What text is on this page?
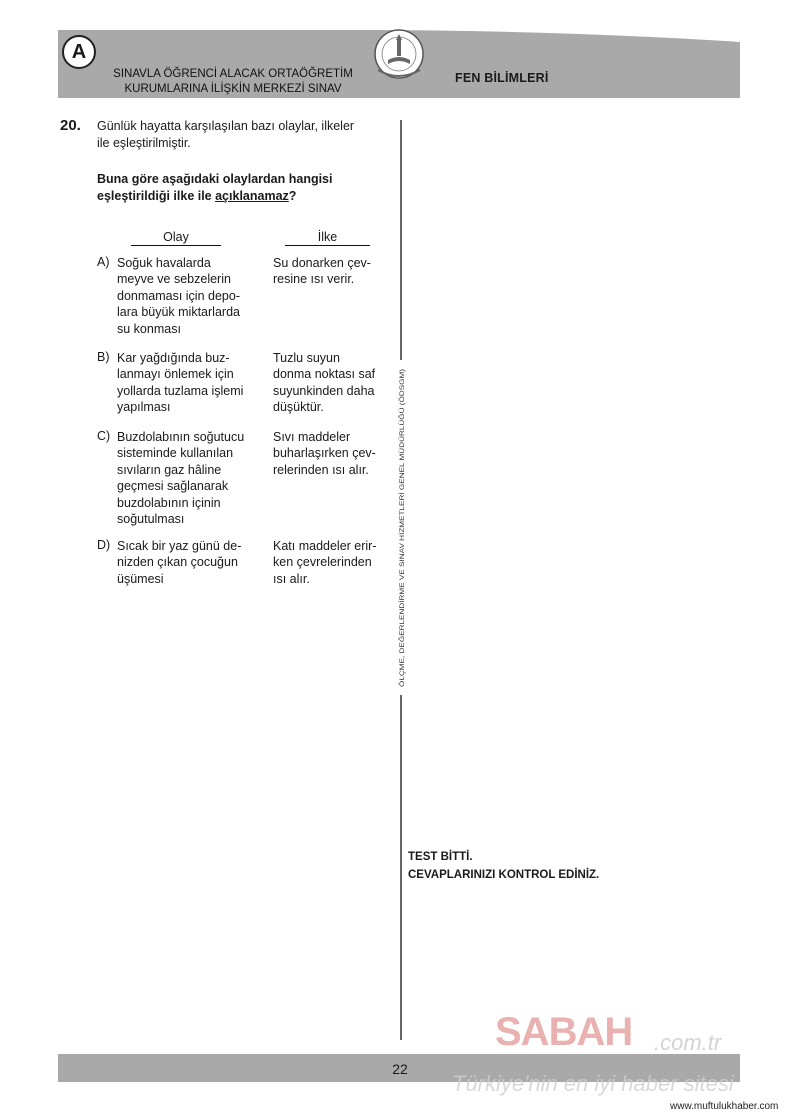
A
SINAVLA ÖĞRENCİ ALACAK ORTAÖĞRETİM
KURUMLARINA İLİŞKİN MERKEZİ SINAV
FEN BİLİMLERİ
20. Günlük hayatta karşılaşılan bazı olaylar, ilkeler
ile eşleştirilmiştir.
Buna göre aşağıdaki olaylardan hangisi
eşleştirildiği ilke ile açıklanamaz?
Olay	İlke
A) Soğuk havalarda
meyve ve sebzelerin
donmaması için depo-
lara büyük miktarlarda
su konması
Su donarken çev-
resine ısı verir.
B) Kar yağdığında buz-
lanmayı önlemek için
yollarda tuzlama işlemi
yapılması
Tuzlu suyun
donma noktası saf
suyunkinden daha
düşüktür.
C) Buzdolabının soğutucu
sisteminde kullanılan
sıvıların gaz hâline
geçmesi sağlanarak
buzdolabının içinin
soğutulması
Sıvı maddeler
buharlaşırken çev-
relerinden ısı alır.
D) Sıcak bir yaz günü de-
nizden çıkan çocuğun
üşümesi
Katı maddeler erir-
ken çevrelerinden
ısı alır.	ÖLÇME, DEĞERLENDİRME VE SINAV HİZMETLERİ GENEL MÜDÜRLÜĞÜ (ÖDSGM)
TEST BİTTİ.
CEVAPLARINIZI KONTROL EDİNİZ.
22
SABAH .com.tr
Türkiye'nin en iyi haber sitesi
www.muftulukhaber.com
